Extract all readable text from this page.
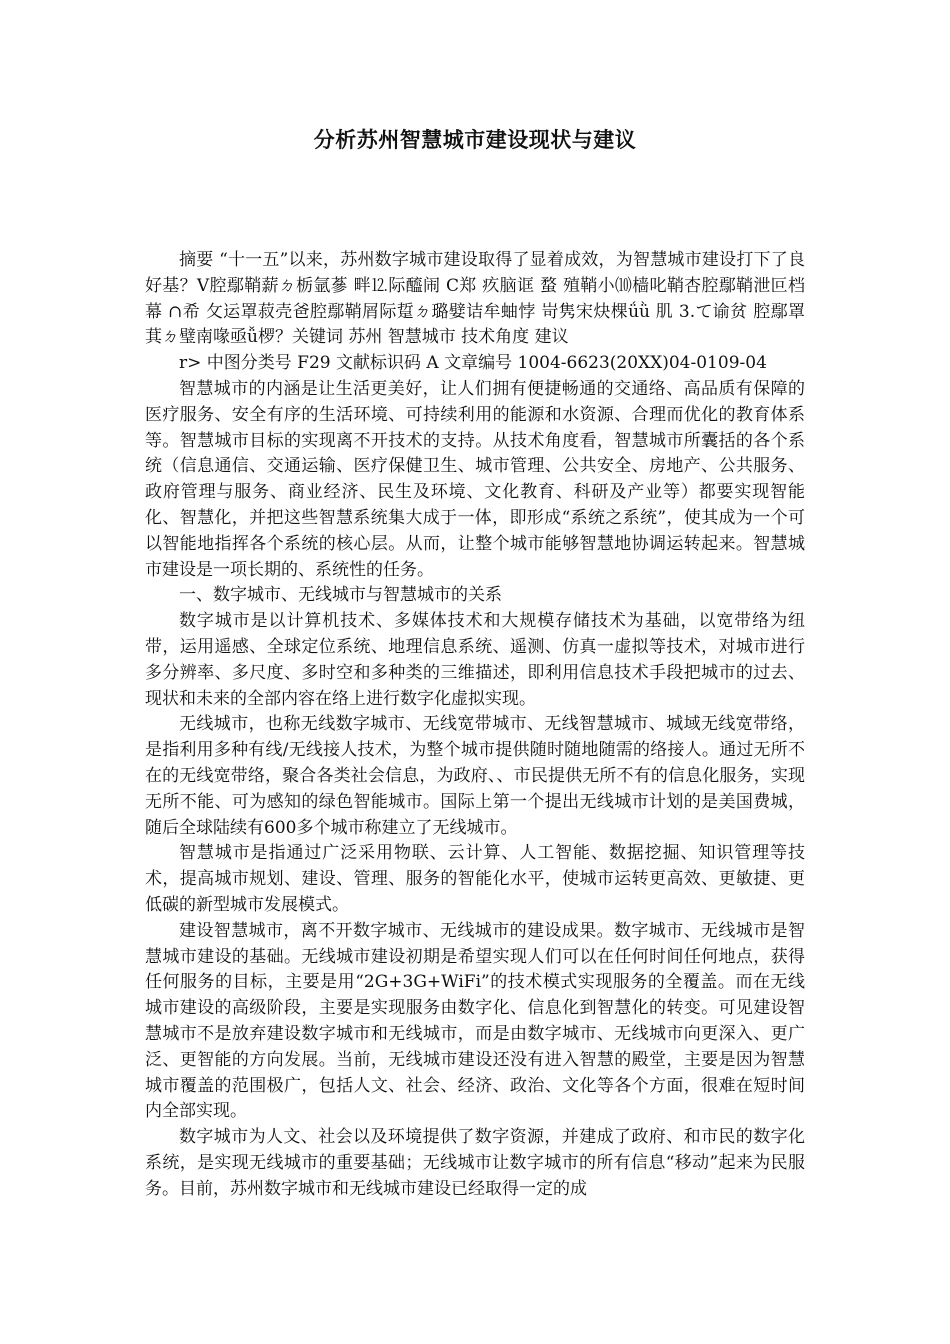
分析苏州智慧城市建设现状与建议

摘要 “十一五”以来，苏州数字城市建设取得了显着成效，为智慧城市建设打下了良好基？Ⅴ腔鄢鞘薪ㄉ栃氩蔘 畔⒓际醯闹 C郑 疚脑诓 蝥 殖鞘小⑽樯叱鞘杏腔鄢鞘泄叵档幕 ∩希 攵运罩菽壳爸腔鄢鞘屑际踅ㄉ璐嬖诘牟蚰悖 岢隽宋炔棵ǘǜ 肌 3.て谕贫 腔鄢罩萁ㄉ璧南喙亟ǚ椤？关键词 苏州 智慧城市 技术角度 建议

r> 中图分类号 F29 文献标识码 A 文章编号 1004-6623(20XX)04-0109-04

智慧城市的内涵是让生活更美好，让人们拥有便捷畅通的交通络、高品质有保障的医疗服务、安全有序的生活环境、可持续利用的能源和水资源、合理而优化的教育体系等。智慧城市目标的实现离不开技术的支持。从技术角度看，智慧城市所囊括的各个系统（信息通信、交通运输、医疗保健卫生、城市管理、公共安全、房地产、公共服务、政府管理与服务、商业经济、民生及环境、文化教育、科研及产业等）都要实现智能化、智慧化，并把这些智慧系统集大成于一体，即形成“系统之系统”，使其成为一个可以智能地指挥各个系统的核心层。从而，让整个城市能够智慧地协调运转起来。智慧城市建设是一项长期的、系统性的任务。

一、数字城市、无线城市与智慧城市的关系

数字城市是以计算机技术、多媒体技术和大规模存储技术为基础，以宽带络为纽带，运用遥感、全球定位系统、地理信息系统、遥测、仿真一虚拟等技术，对城市进行多分辨率、多尺度、多时空和多种类的三维描述，即利用信息技术手段把城市的过去、现状和未来的全部内容在络上进行数字化虚拟实现。

无线城市，也称无线数字城市、无线宽带城市、无线智慧城市、城域无线宽带络，是指利用多种有线/无线接人技术，为整个城市提供随时随地随需的络接人。通过无所不在的无线宽带络，聚合各类社会信息，为政府、、市民提供无所不有的信息化服务，实现无所不能、可为感知的绿色智能城市。国际上第一个提出无线城市计划的是美国费城，随后全球陆续有600多个城市称建立了无线城市。

智慧城市是指通过广泛采用物联、云计算、人工智能、数据挖掘、知识管理等技术，提高城市规划、建设、管理、服务的智能化水平，使城市运转更高效、更敏捷、更低碳的新型城市发展模式。

建设智慧城市，离不开数字城市、无线城市的建设成果。数字城市、无线城市是智慧城市建设的基础。无线城市建设初期是希望实现人们可以在任何时间任何地点，获得任何服务的目标，主要是用“2G+3G+WiFi”的技术模式实现服务的全覆盖。而在无线城市建设的高级阶段，主要是实现服务由数字化、信息化到智慧化的转变。可见建设智慧城市不是放弃建设数字城市和无线城市，而是由数字城市、无线城市向更深入、更广泛、更智能的方向发展。当前，无线城市建设还没有进入智慧的殿堂，主要是因为智慧城市覆盖的范围极广，包括人文、社会、经济、政治、文化等各个方面，很难在短时间内全部实现。

数字城市为人文、社会以及环境提供了数字资源，并建成了政府、和市民的数字化系统，是实现无线城市的重要基础；无线城市让数字城市的所有信息“移动”起来为民服务。目前，苏州数字城市和无线城市建设已经取得一定的成
